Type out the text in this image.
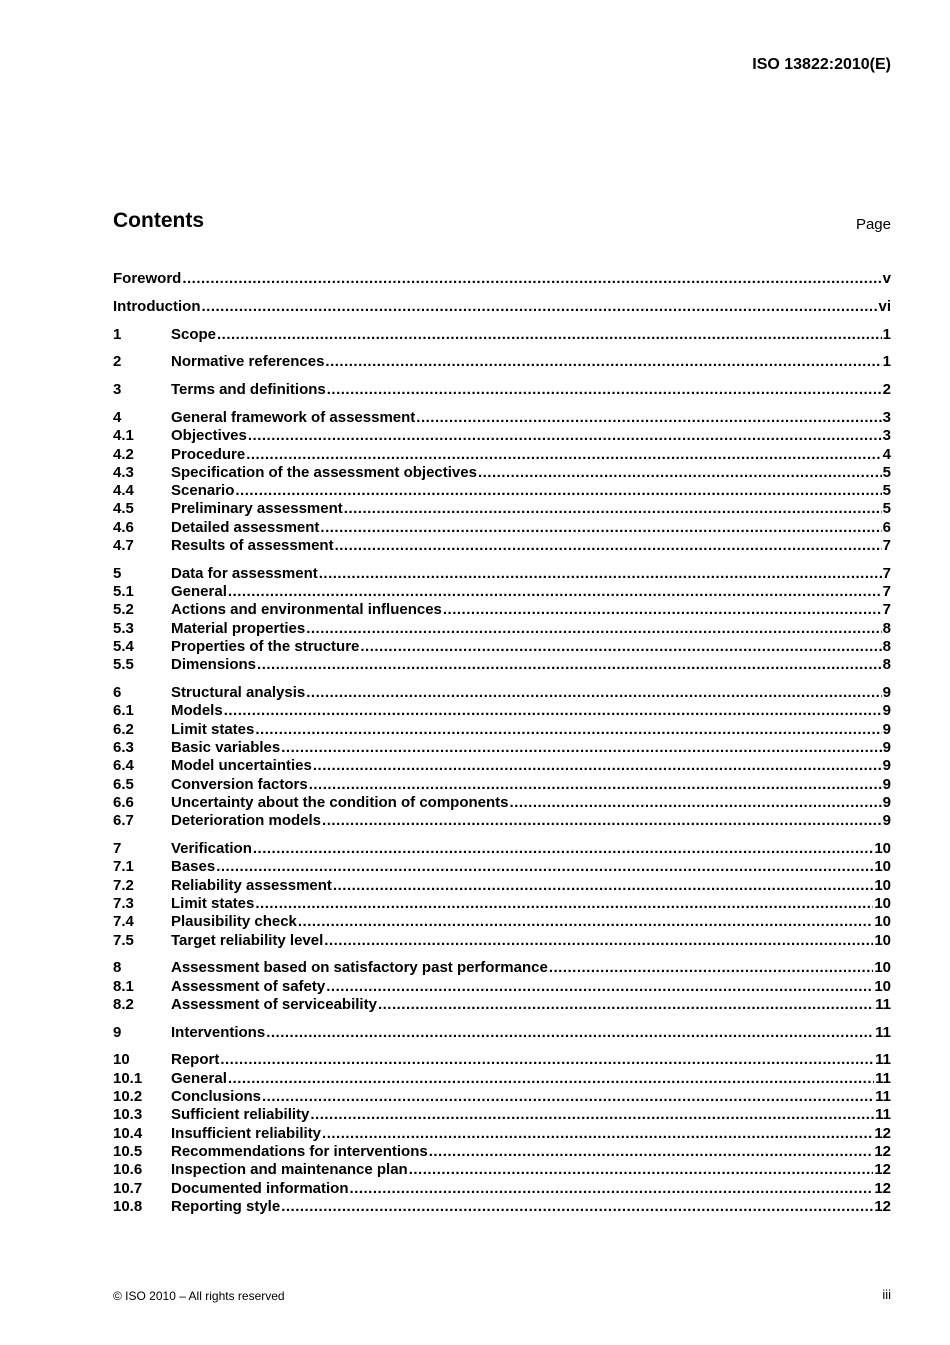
ISO 13822:2010(E)
Contents	Page
Foreword .....	v
Introduction .....	vi
1	Scope .....	1
2	Normative references .....	1
3	Terms and definitions .....	2
4	General framework of assessment .....	3
4.1	Objectives .....	3
4.2	Procedure .....	4
4.3	Specification of the assessment objectives .....	5
4.4	Scenario .....	5
4.5	Preliminary assessment .....	5
4.6	Detailed assessment .....	6
4.7	Results of assessment .....	7
5	Data for assessment .....	7
5.1	General .....	7
5.2	Actions and environmental influences .....	7
5.3	Material properties .....	8
5.4	Properties of the structure .....	8
5.5	Dimensions .....	8
6	Structural analysis .....	9
6.1	Models .....	9
6.2	Limit states .....	9
6.3	Basic variables .....	9
6.4	Model uncertainties .....	9
6.5	Conversion factors .....	9
6.6	Uncertainty about the condition of components .....	9
6.7	Deterioration models .....	9
7	Verification .....	10
7.1	Bases .....	10
7.2	Reliability assessment .....	10
7.3	Limit states .....	10
7.4	Plausibility check .....	10
7.5	Target reliability level .....	10
8	Assessment based on satisfactory past performance .....	10
8.1	Assessment of safety .....	10
8.2	Assessment of serviceability .....	11
9	Interventions .....	11
10	Report .....	11
10.1	General .....	11
10.2	Conclusions .....	11
10.3	Sufficient reliability .....	11
10.4	Insufficient reliability .....	12
10.5	Recommendations for interventions .....	12
10.6	Inspection and maintenance plan .....	12
10.7	Documented information .....	12
10.8	Reporting style .....	12
© ISO 2010 – All rights reserved	iii
